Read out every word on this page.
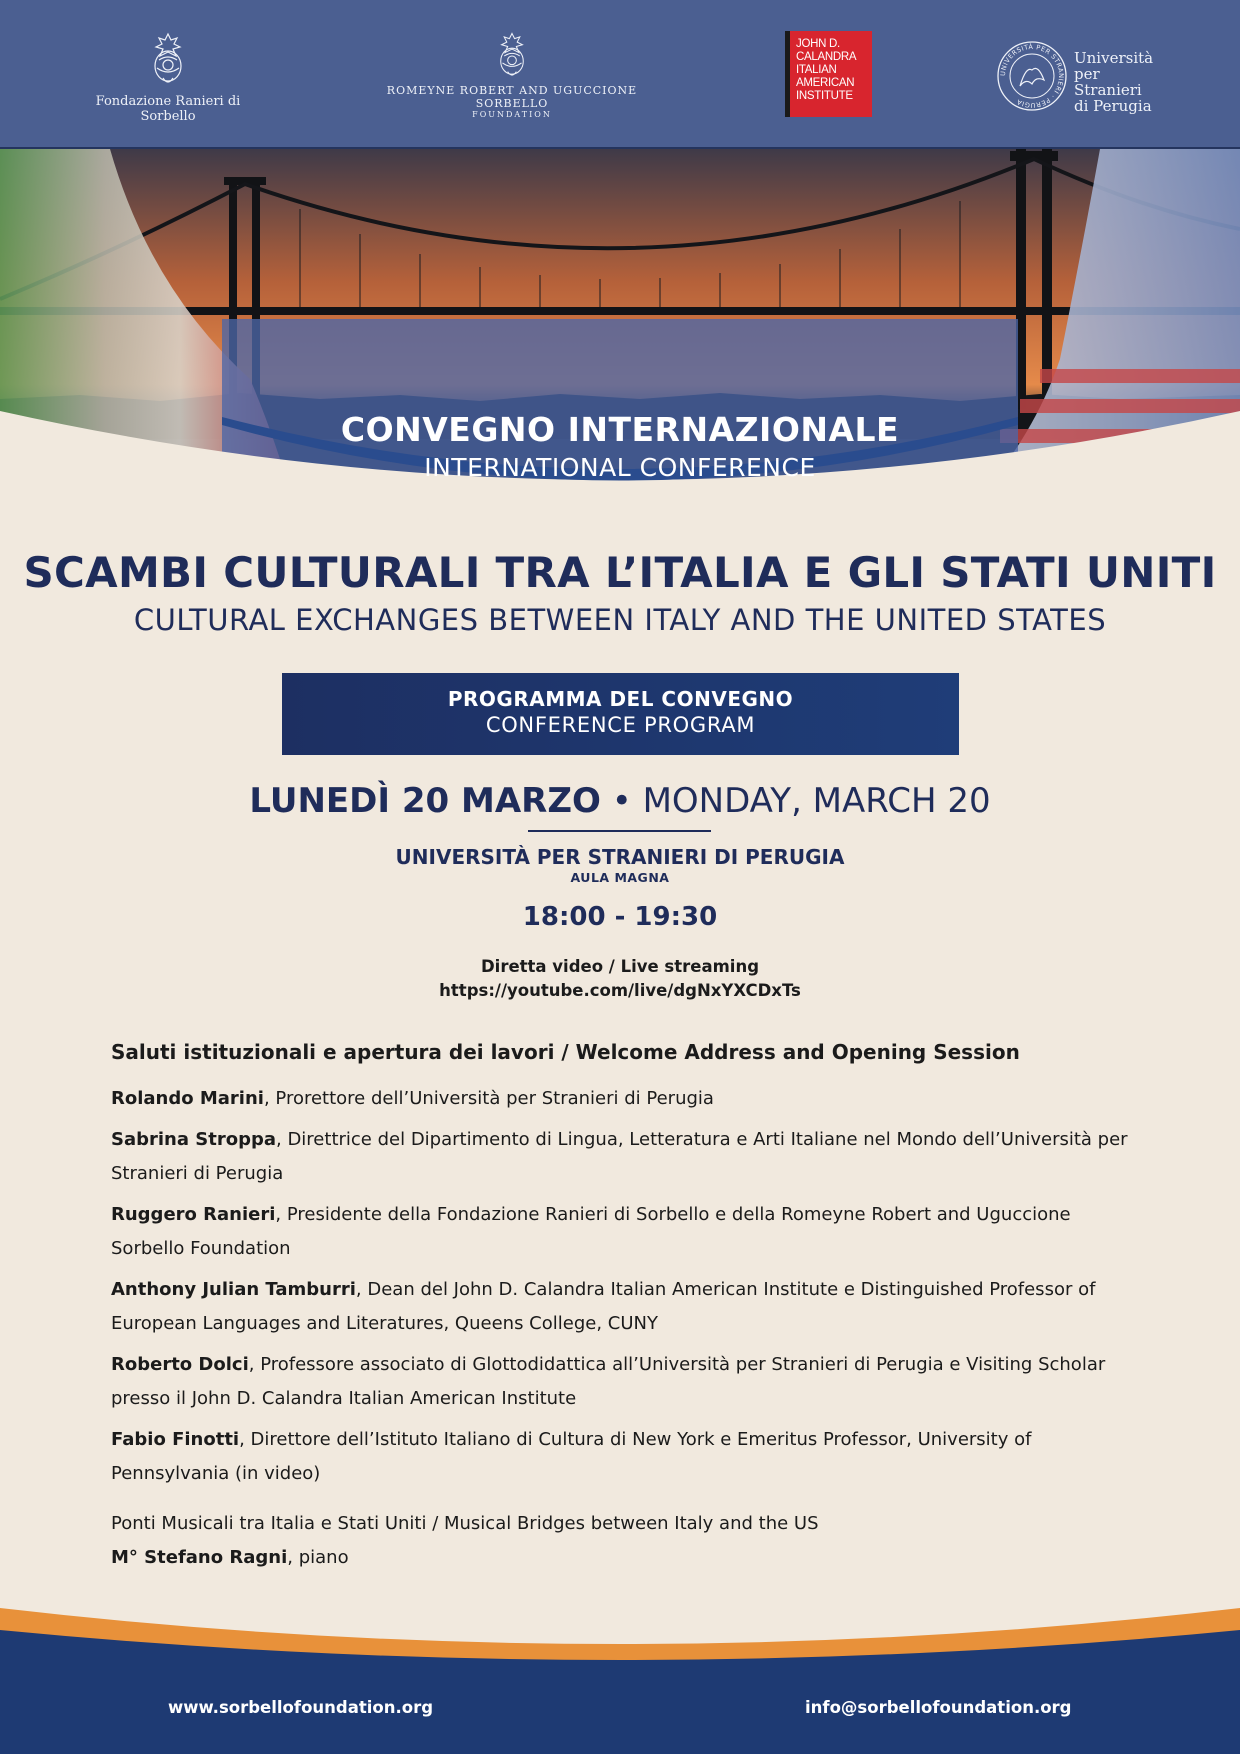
Fondazione Ranieri di Sorbello
ROMEYNE ROBERT AND UGUCCIONE SORBELLO
FOUNDATION
JOHN D.
CALANDRA
ITALIAN
AMERICAN
INSTITUTE
UNIVERSITÀ PER STRANIERI · PERUGIA
Università
per Stranieri
di Perugia
CONVEGNO INTERNAZIONALE
INTERNATIONAL CONFERENCE
SCAMBI CULTURALI TRA L’ITALIA E GLI STATI UNITI
CULTURAL EXCHANGES BETWEEN ITALY AND THE UNITED STATES
PROGRAMMA DEL CONVEGNO
CONFERENCE PROGRAM
LUNEDÌ 20 MARZO • MONDAY, MARCH 20
UNIVERSITÀ PER STRANIERI DI PERUGIA
AULA MAGNA
18:00 - 19:30
Diretta video / Live streaming
https://youtube.com/live/dgNxYXCDxTs
Saluti istituzionali e apertura dei lavori / Welcome Address and Opening Session
Rolando Marini, Prorettore dell’Università per Stranieri di Perugia
Sabrina Stroppa, Direttrice del Dipartimento di Lingua, Letteratura e Arti Italiane nel Mondo dell’Università per Stranieri di Perugia
Ruggero Ranieri, Presidente della Fondazione Ranieri di Sorbello e della Romeyne Robert and Uguccione Sorbello Foundation
Anthony Julian Tamburri, Dean del John D. Calandra Italian American Institute e Distinguished Professor of European Languages and Literatures, Queens College, CUNY
Roberto Dolci, Professore associato di Glottodidattica all’Università per Stranieri di Perugia e Visiting Scholar presso il John D. Calandra Italian American Institute
Fabio Finotti, Direttore dell’Istituto Italiano di Cultura di New York e Emeritus Professor, University of Pennsylvania (in video)
Ponti Musicali tra Italia e Stati Uniti / Musical Bridges between Italy and the US
M° Stefano Ragni, piano
www.sorbellofoundation.org	info@sorbellofoundation.org
